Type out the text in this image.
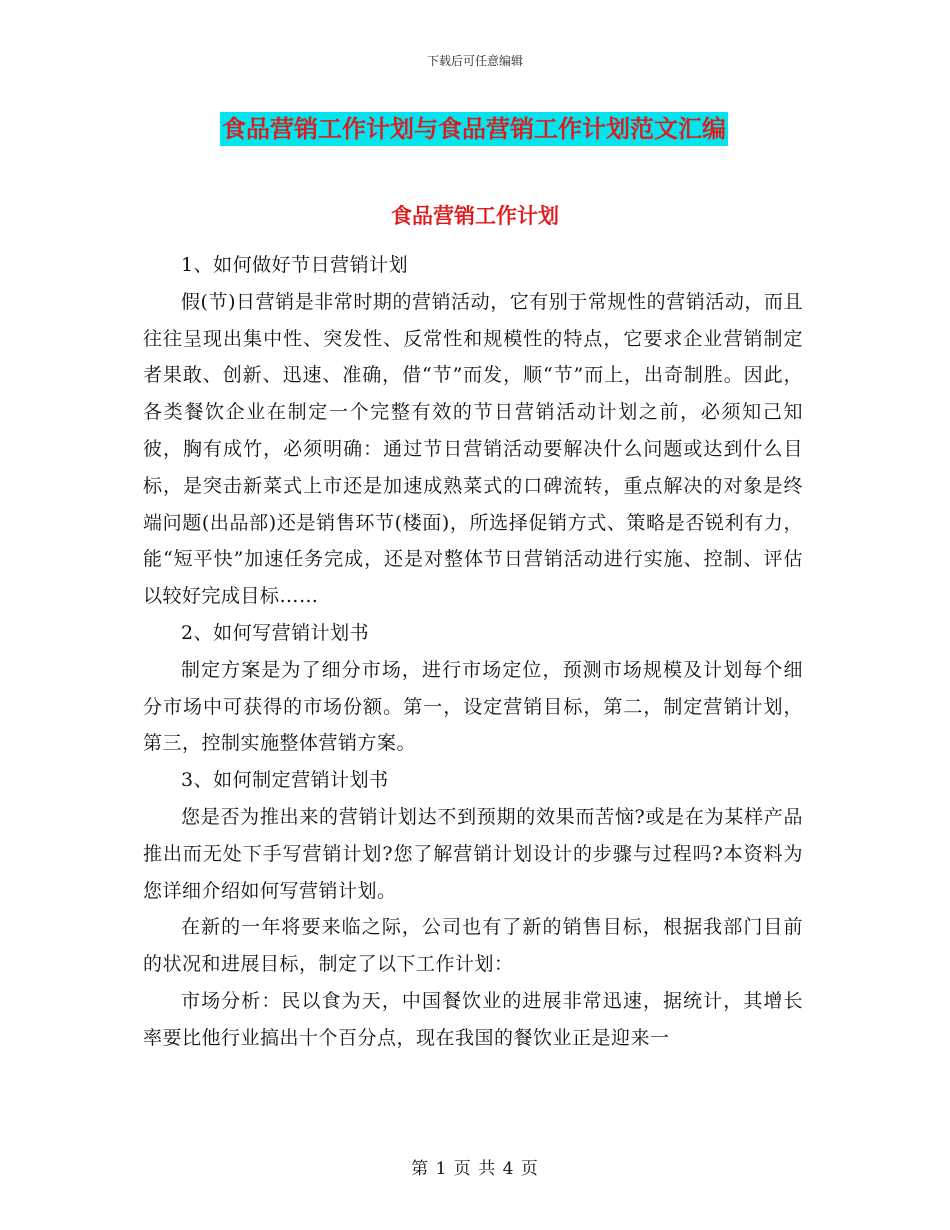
下载后可任意编辑
食品营销工作计划与食品营销工作计划范文汇编
食品营销工作计划

1、如何做好节日营销计划

假(节)日营销是非常时期的营销活动，它有别于常规性的营销活动，而且往往呈现出集中性、突发性、反常性和规模性的特点，它要求企业营销制定者果敢、创新、迅速、准确，借“节”而发，顺“节”而上，出奇制胜。因此，各类餐饮企业在制定一个完整有效的节日营销活动计划之前，必须知己知彼，胸有成竹，必须明确：通过节日营销活动要解决什么问题或达到什么目标，是突击新菜式上市还是加速成熟菜式的口碑流转，重点解决的对象是终端问题(出品部)还是销售环节(楼面)，所选择促销方式、策略是否锐利有力，能“短平快”加速任务完成，还是对整体节日营销活动进行实施、控制、评估以较好完成目标……

2、如何写营销计划书

制定方案是为了细分市场，进行市场定位，预测市场规模及计划每个细分市场中可获得的市场份额。第一，设定营销目标，第二，制定营销计划，第三，控制实施整体营销方案。

3、如何制定营销计划书

您是否为推出来的营销计划达不到预期的效果而苦恼?或是在为某样产品推出而无处下手写营销计划?您了解营销计划设计的步骤与过程吗?本资料为您详细介绍如何写营销计划。

在新的一年将要来临之际，公司也有了新的销售目标，根据我部门目前的状况和进展目标，制定了以下工作计划：

市场分析：民以食为天，中国餐饮业的进展非常迅速，据统计，其增长率要比他行业搞出十个百分点，现在我国的餐饮业正是迎来一

第 1 页 共 4 页
